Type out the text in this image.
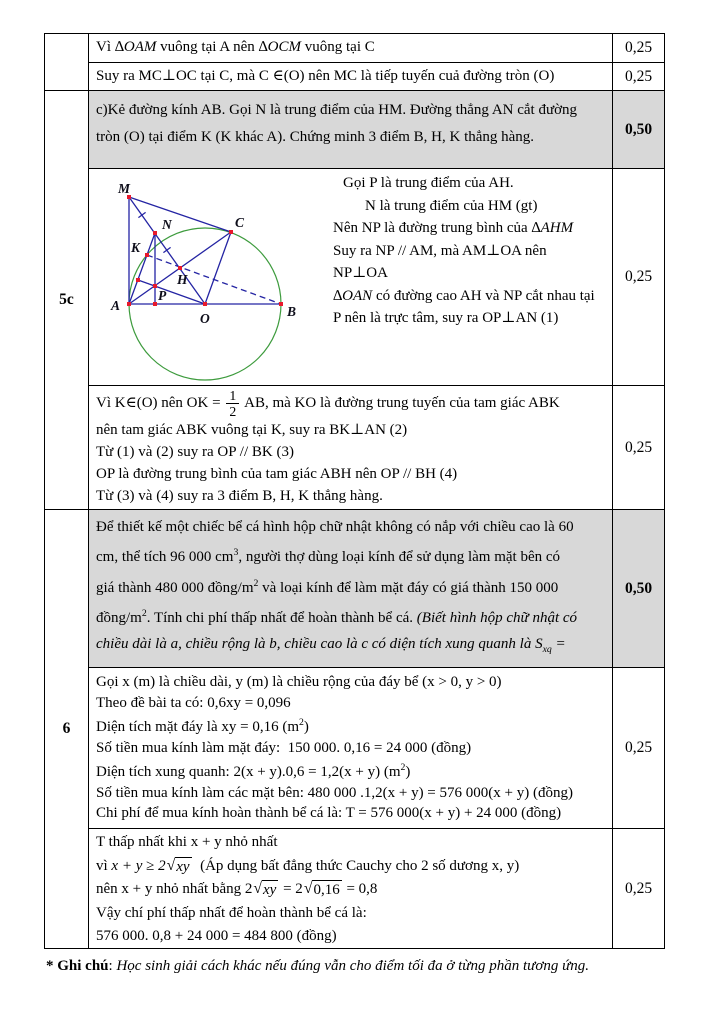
5c
6
Vì ∆OAM vuông tại A nên ∆OCM vuông tại C
Suy ra MC⊥OC tại C, mà C ∈(O) nên MC là tiếp tuyến cuả đường tròn (O)
c)Kẻ đường kính AB. Gọi N là trung điểm của HM. Đường thẳng AN cắt đường
tròn (O) tại điểm K (K khác A). Chứng minh 3 điểm B, H, K thẳng hàng.
M
N	C
K
H
P
A
O	B
Gọi P là trung điểm của AH.
N là trung điểm của HM (gt)
Nên NP là đường trung bình của ∆AHM
Suy ra NP // AM, mà AM⊥OA nên
NP⊥OA
∆OAN có đường cao AH và NP cắt nhau tại
P nên là trực tâm, suy ra OP⊥AN (1)
Vì K∈(O) nên OK = $\frac{1}{2}$ AB, mà KO là đường trung tuyến của tam giác ABK
nên tam giác ABK vuông tại K, suy ra BK⊥AN (2)
Từ (1) và (2) suy ra OP // BK (3)
OP là đường trung bình của tam giác ABH nên OP // BH (4)
Từ (3) và (4) suy ra 3 điểm B, H, K thẳng hàng.
Để thiết kế một chiếc bể cá hình hộp chữ nhật không có nắp với chiều cao là 60
cm, thể tích 96 000 $cm^3$, người thợ dùng loại kính để sử dụng làm mặt bên có
giá thành 480 000 đồng/$m^2$ và loại kính để làm mặt đáy có giá thành 150 000
đồng/$m^2$. Tính chi phí thấp nhất để hoàn thành bể cá. (Biết hình hộp chữ nhật có
chiều dài là a, chiều rộng là b, chiều cao là c có diện tích xung quanh là $S_{xq}$ =
Gọi x (m) là chiều dài, y (m) là chiều rộng của đáy bể (x > 0, y > 0)
Theo đề bài ta có: 0,6xy = 0,096
Diện tích mặt đáy là xy = 0,16 $(m^2)$
Số tiền mua kính làm mặt đáy:  150 000. 0,16 = 24 000 (đồng)
Diện tích xung quanh: 2(x + y).0,6 = 1,2(x + y) $(m^2)$
Số tiền mua kính làm các mặt bên: 480 000 .1,2(x + y) = 576 000(x + y) (đồng)
Chi phí để mua kính hoàn thành bể cá là: T = 576 000(x + y) + 24 000 (đồng)
T thấp nhất khi x + y nhỏ nhất
vì x + y ≥ 2 √ xy (Áp dụng bất đẳng thức Cauchy cho 2 số dương x, y)
nên x + y nhỏ nhất bằng 2 √ xy = 2 √ 0,16 = 0,8
Vậy chí phí thấp nhất để hoàn thành bể cá là:
576 000. 0,8 + 24 000 = 484 800 (đồng)
0,25
0,25
0,50
0,25
0,25
0,50
0,25
0,25
* Ghi chú: Học sinh giải cách khác nếu đúng vẫn cho điểm tối đa ở từng phần tương ứng.
